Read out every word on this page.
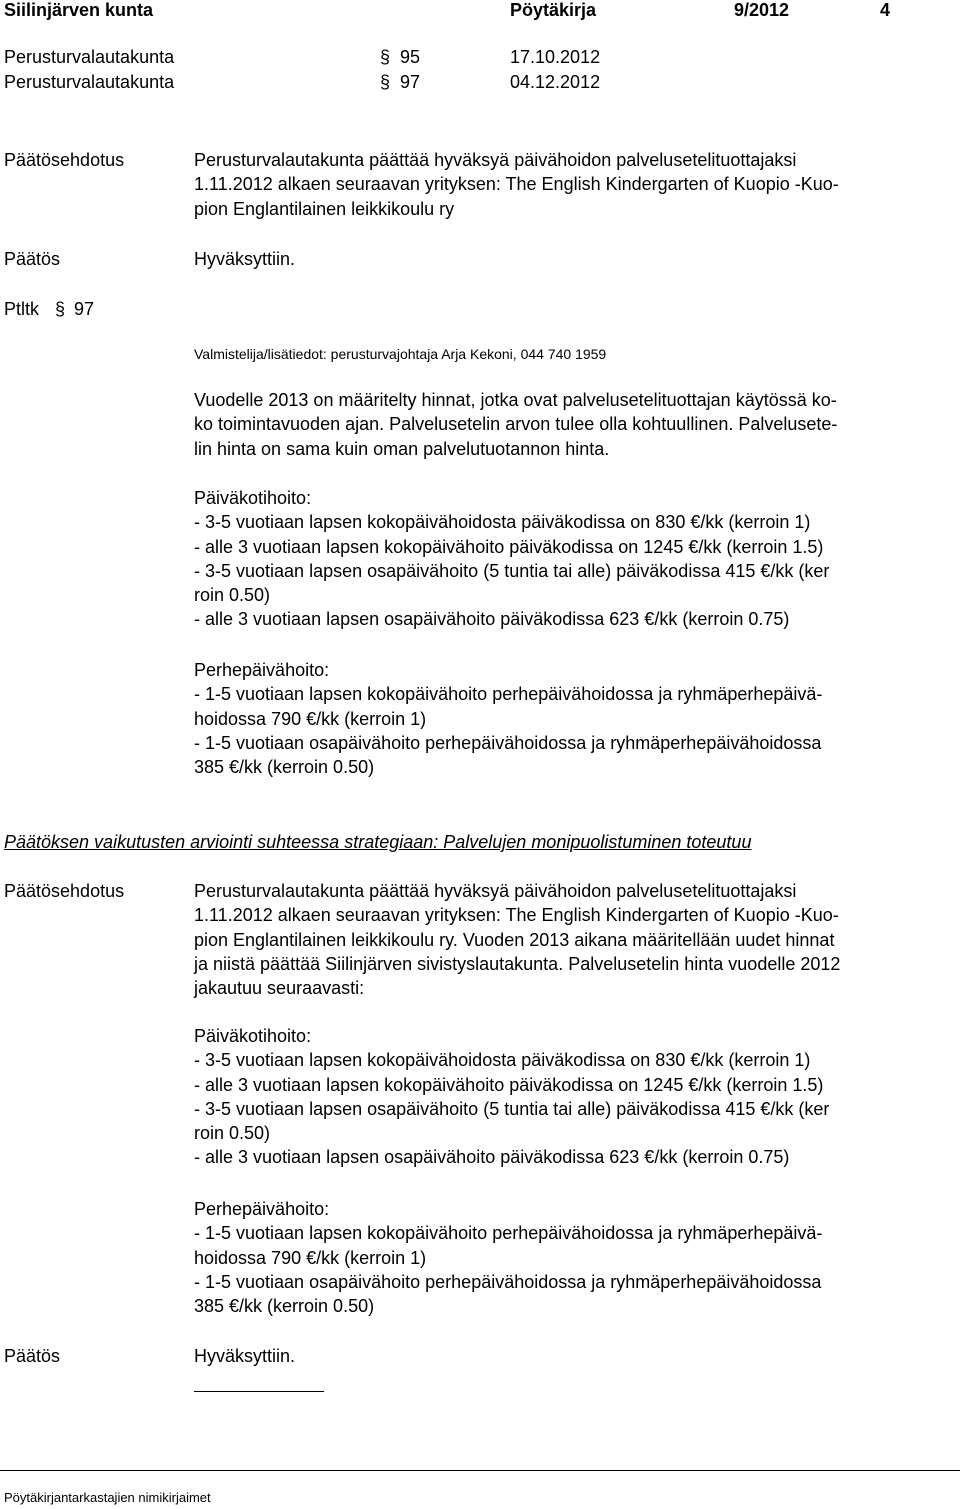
Siilinjärven kunta	Pöytäkirja	9/2012	4
Perusturvalautakunta	§ 95	17.10.2012
Perusturvalautakunta	§ 97	04.12.2012
Päätösehdotus	Perusturvalautakunta päättää hyväksyä päivähoidon palvelusetelituottajaksi
1.11.2012 alkaen seuraavan yrityksen: The English Kindergarten of Kuopio -Kuo-
pion Englantilainen leikkikoulu ry
Päätös	Hyväksyttiin.
Ptltk § 97
Valmistelija/lisätiedot: perusturvajohtaja Arja Kekoni, 044 740 1959
Vuodelle 2013 on määritelty hinnat, jotka ovat palvelusetelituottajan käytössä ko-
ko toimintavuoden ajan. Palvelusetelin arvon tulee olla kohtuullinen. Palvelusete-
lin hinta on sama kuin oman palvelutuotannon hinta.
Päiväkotihoito:
- 3-5 vuotiaan lapsen kokopäivähoidosta päiväkodissa on 830 €/kk (kerroin 1)
- alle 3 vuotiaan lapsen kokopäivähoito päiväkodissa on 1245 €/kk (kerroin 1.5)
- 3-5 vuotiaan lapsen osapäivähoito (5 tuntia tai alle) päiväkodissa 415 €/kk (ker
roin 0.50)
- alle 3 vuotiaan lapsen osapäivähoito päiväkodissa 623 €/kk (kerroin 0.75)
Perhepäivähoito:
- 1-5 vuotiaan lapsen kokopäivähoito perhepäivähoidossa ja ryhmäperhepäivä-
hoidossa 790 €/kk (kerroin 1)
- 1-5 vuotiaan osapäivähoito perhepäivähoidossa ja ryhmäperhepäivähoidossa
385 €/kk (kerroin 0.50)
Päätöksen vaikutusten arviointi suhteessa strategiaan: Palvelujen monipuolistuminen toteutuu
Päätösehdotus	Perusturvalautakunta päättää hyväksyä päivähoidon palvelusetelituottajaksi
1.11.2012 alkaen seuraavan yrityksen: The English Kindergarten of Kuopio -Kuo-
pion Englantilainen leikkikoulu ry. Vuoden 2013 aikana määritellään uudet hinnat
ja niistä päättää Siilinjärven sivistyslautakunta. Palvelusetelin hinta vuodelle 2012
jakautuu seuraavasti:
Päiväkotihoito:
- 3-5 vuotiaan lapsen kokopäivähoidosta päiväkodissa on 830 €/kk (kerroin 1)
- alle 3 vuotiaan lapsen kokopäivähoito päiväkodissa on 1245 €/kk (kerroin 1.5)
- 3-5 vuotiaan lapsen osapäivähoito (5 tuntia tai alle) päiväkodissa 415 €/kk (ker
roin 0.50)
- alle 3 vuotiaan lapsen osapäivähoito päiväkodissa 623 €/kk (kerroin 0.75)
Perhepäivähoito:
- 1-5 vuotiaan lapsen kokopäivähoito perhepäivähoidossa ja ryhmäperhepäivä-
hoidossa 790 €/kk (kerroin 1)
- 1-5 vuotiaan osapäivähoito perhepäivähoidossa ja ryhmäperhepäivähoidossa
385 €/kk (kerroin 0.50)
Päätös	Hyväksyttiin.
Pöytäkirjantarkastajien nimikirjaimet
